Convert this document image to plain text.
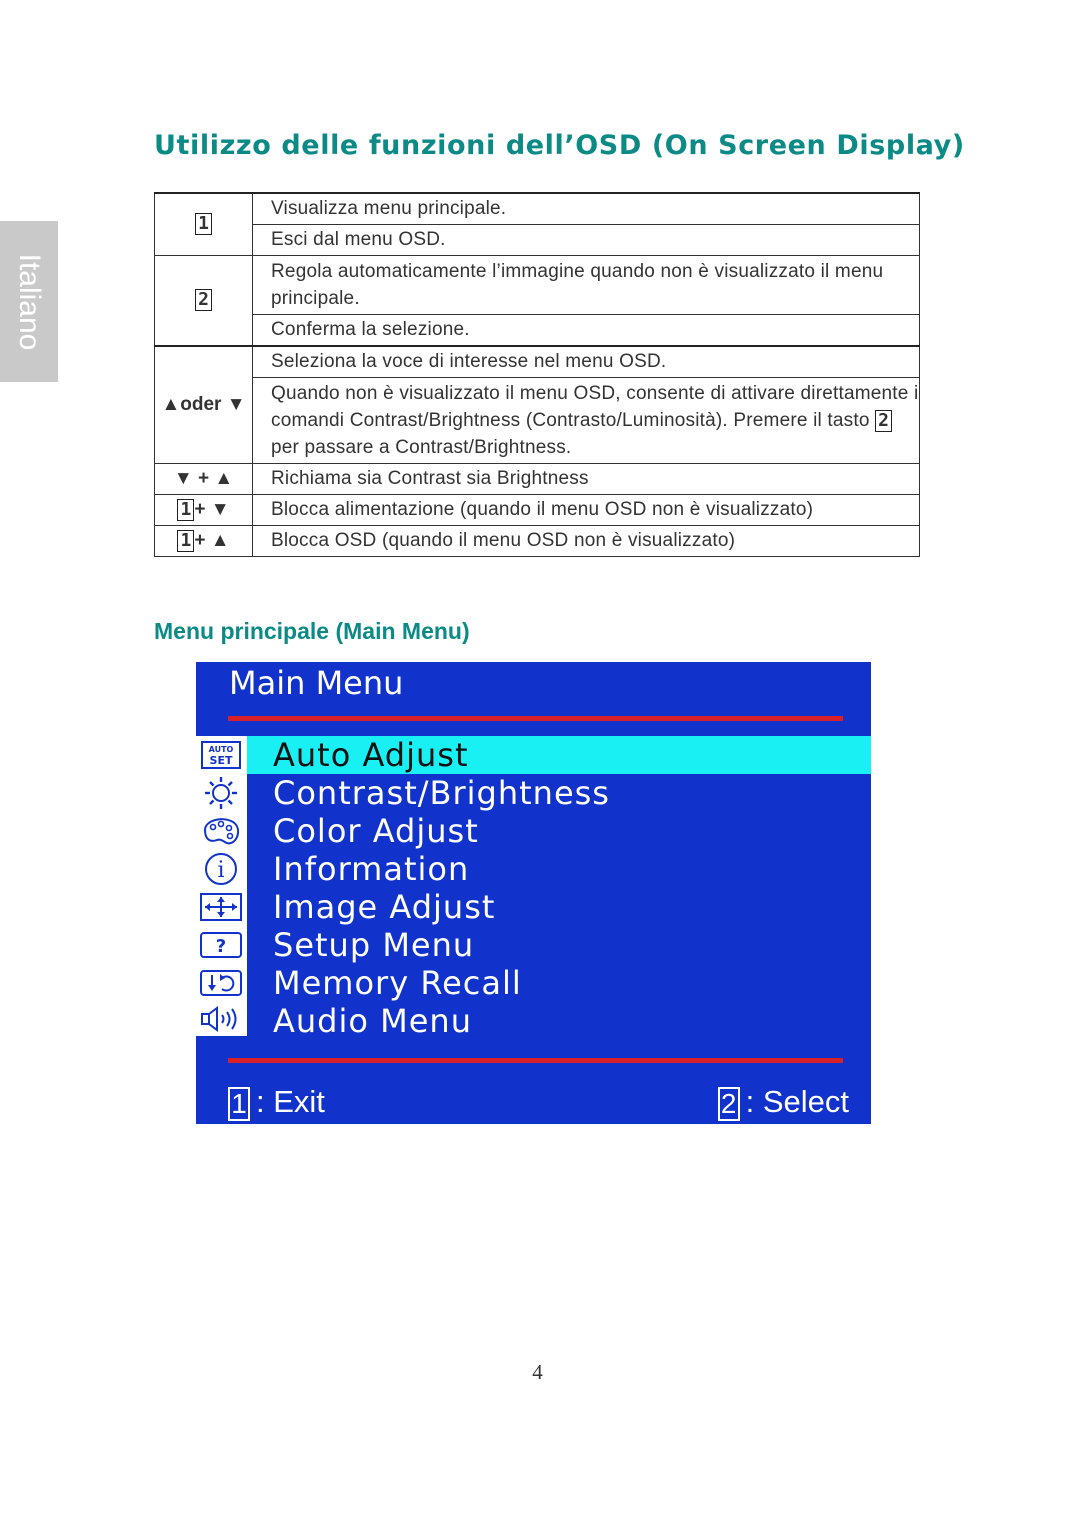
Italiano
Utilizzo delle funzioni dell’OSD (On Screen Display)
1	Visualizza menu principale.
	Esci dal menu OSD.
2	Regola automaticamente l’immagine quando non è visualizzato il menu principale.
	Conferma la selezione.
▲oder ▼	Seleziona la voce di interesse nel menu OSD.
	Quando non è visualizzato il menu OSD, consente di attivare direttamente i comandi Contrast/Brightness (Contrasto/Luminosità). Premere il tasto 2 per passare a Contrast/Brightness.
▼ + ▲	Richiama sia Contrast sia Brightness
1 + ▼	Blocca alimentazione (quando il menu OSD non è visualizzato)
1 + ▲	Blocca OSD (quando il menu OSD non è visualizzato)
Menu principale (Main Menu)
Main Menu
AUTO
SET
i
?
Auto Adjust
Contrast/Brightness
Color Adjust
Information
Image Adjust
Setup Menu
Memory Recall
Audio Menu
1 : Exit	2 : Select
4
